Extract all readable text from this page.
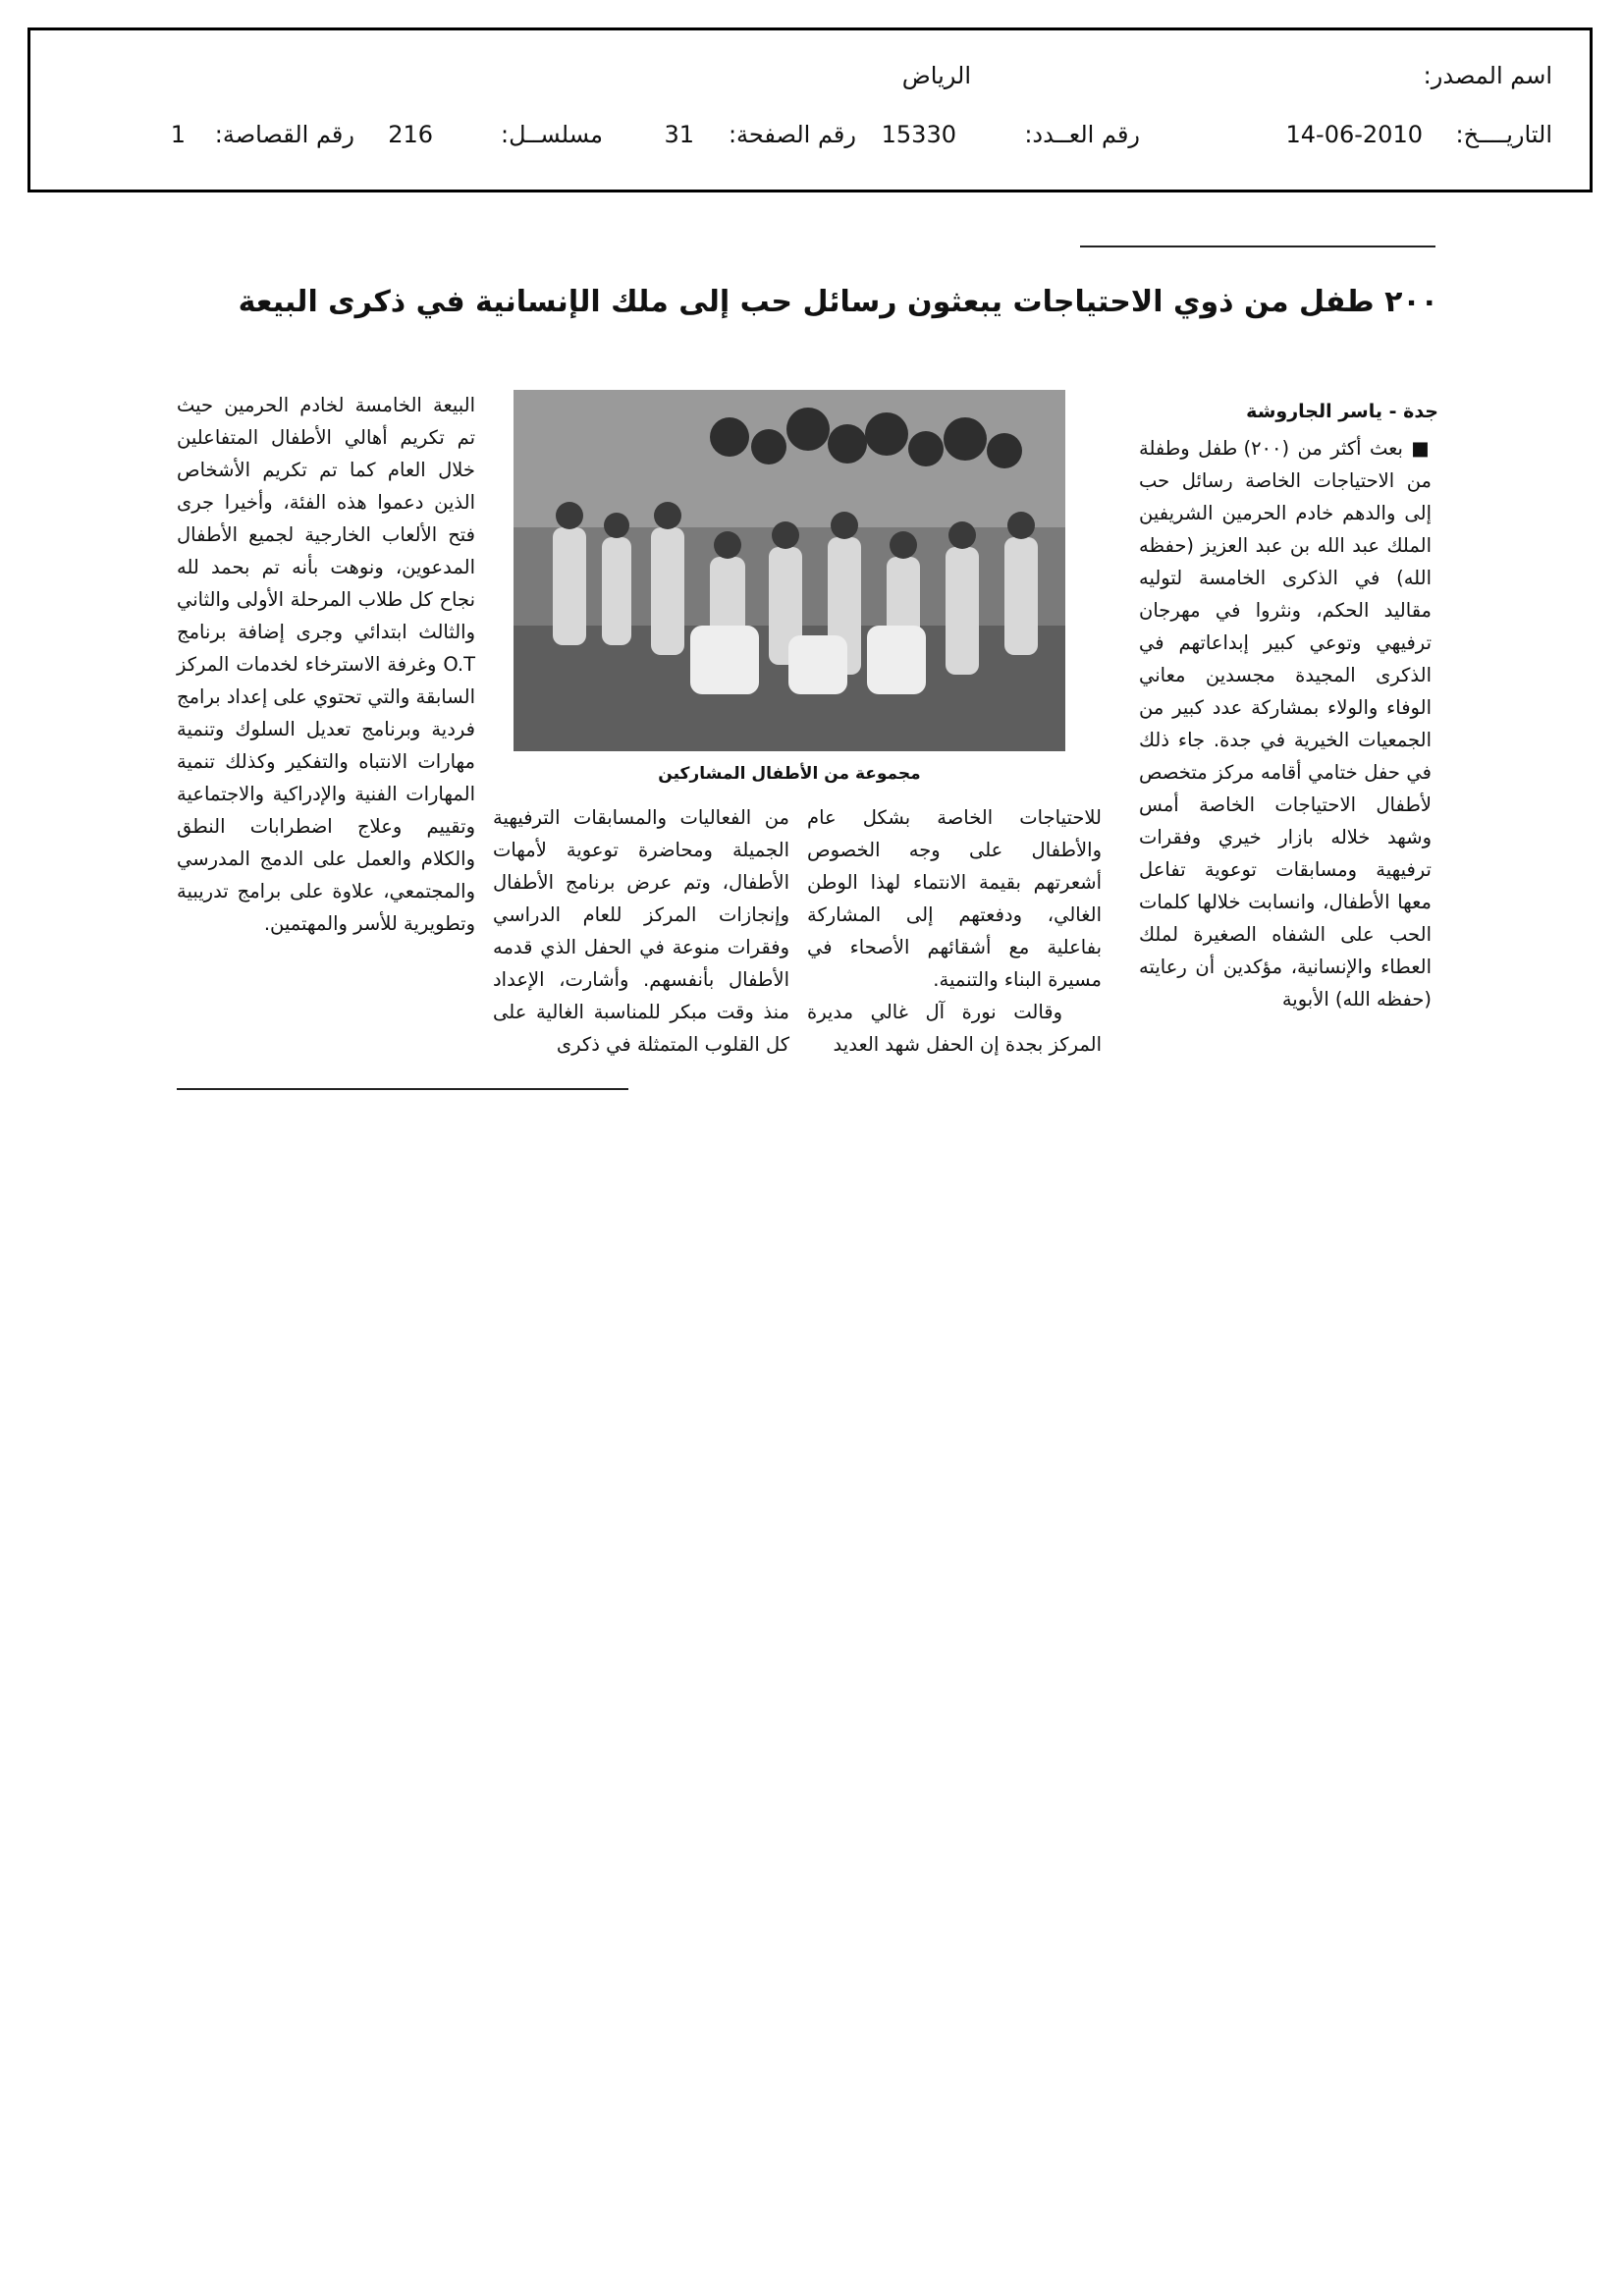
اسم المصدر:
الرياض
التاريــــخ:
14-06-2010
رقم العــدد:
15330
رقم الصفحة:
31
مسلســل:
216
رقم القصاصة:
1
٢٠٠ طفل من ذوي الاحتياجات يبعثون رسائل حب إلى ملك الإنسانية في ذكرى البيعة
جدة - ياسر الجاروشة

■ بعث أكثر من (٢٠٠) طفل وطفلة من الاحتياجات الخاصة رسائل حب إلى والدهم خادم الحرمين الشريفين الملك عبد الله بن عبد العزيز (حفظه الله) في الذكرى الخامسة لتوليه مقاليد الحكم، ونثروا في مهرجان ترفيهي وتوعي كبير إبداعاتهم في الذكرى المجيدة مجسدين معاني الوفاء والولاء بمشاركة عدد كبير من الجمعيات الخيرية في جدة. جاء ذلك في حفل ختامي أقامه مركز متخصص لأطفال الاحتياجات الخاصة أمس وشهد خلاله بازار خيري وفقرات ترفيهية ومسابقات توعوية تفاعل معها الأطفال، وانسابت خلالها كلمات الحب على الشفاه الصغيرة لملك العطاء والإنسانية، مؤكدين أن رعايته (حفظه الله) الأبوية

مجموعة من الأطفال المشاركين

للاحتياجات الخاصة بشكل عام والأطفال على وجه الخصوص أشعرتهم بقيمة الانتماء لهذا الوطن الغالي، ودفعتهم إلى المشاركة بفاعلية مع أشقائهم الأصحاء في مسيرة البناء والتنمية.

وقالت نورة آل غالي مديرة المركز بجدة إن الحفل شهد العديد

من الفعاليات والمسابقات الترفيهية الجميلة ومحاضرة توعوية لأمهات الأطفال، وتم عرض برنامج الأطفال وإنجازات المركز للعام الدراسي وفقرات منوعة في الحفل الذي قدمه الأطفال بأنفسهم. وأشارت، الإعداد منذ وقت مبكر للمناسبة الغالية على كل القلوب المتمثلة في ذكرى

البيعة الخامسة لخادم الحرمين حيث تم تكريم أهالي الأطفال المتفاعلين خلال العام كما تم تكريم الأشخاص الذين دعموا هذه الفئة، وأخيرا جرى فتح الألعاب الخارجية لجميع الأطفال المدعوين، ونوهت بأنه تم بحمد لله نجاح كل طلاب المرحلة الأولى والثاني والثالث ابتدائي وجرى إضافة برنامج O.T وغرفة الاسترخاء لخدمات المركز السابقة والتي تحتوي على إعداد برامج فردية وبرنامج تعديل السلوك وتنمية مهارات الانتباه والتفكير وكذلك تنمية المهارات الفنية والإدراكية والاجتماعية وتقييم وعلاج اضطرابات النطق والكلام والعمل على الدمج المدرسي والمجتمعي، علاوة على برامج تدريبية وتطويرية للأسر والمهتمين.
